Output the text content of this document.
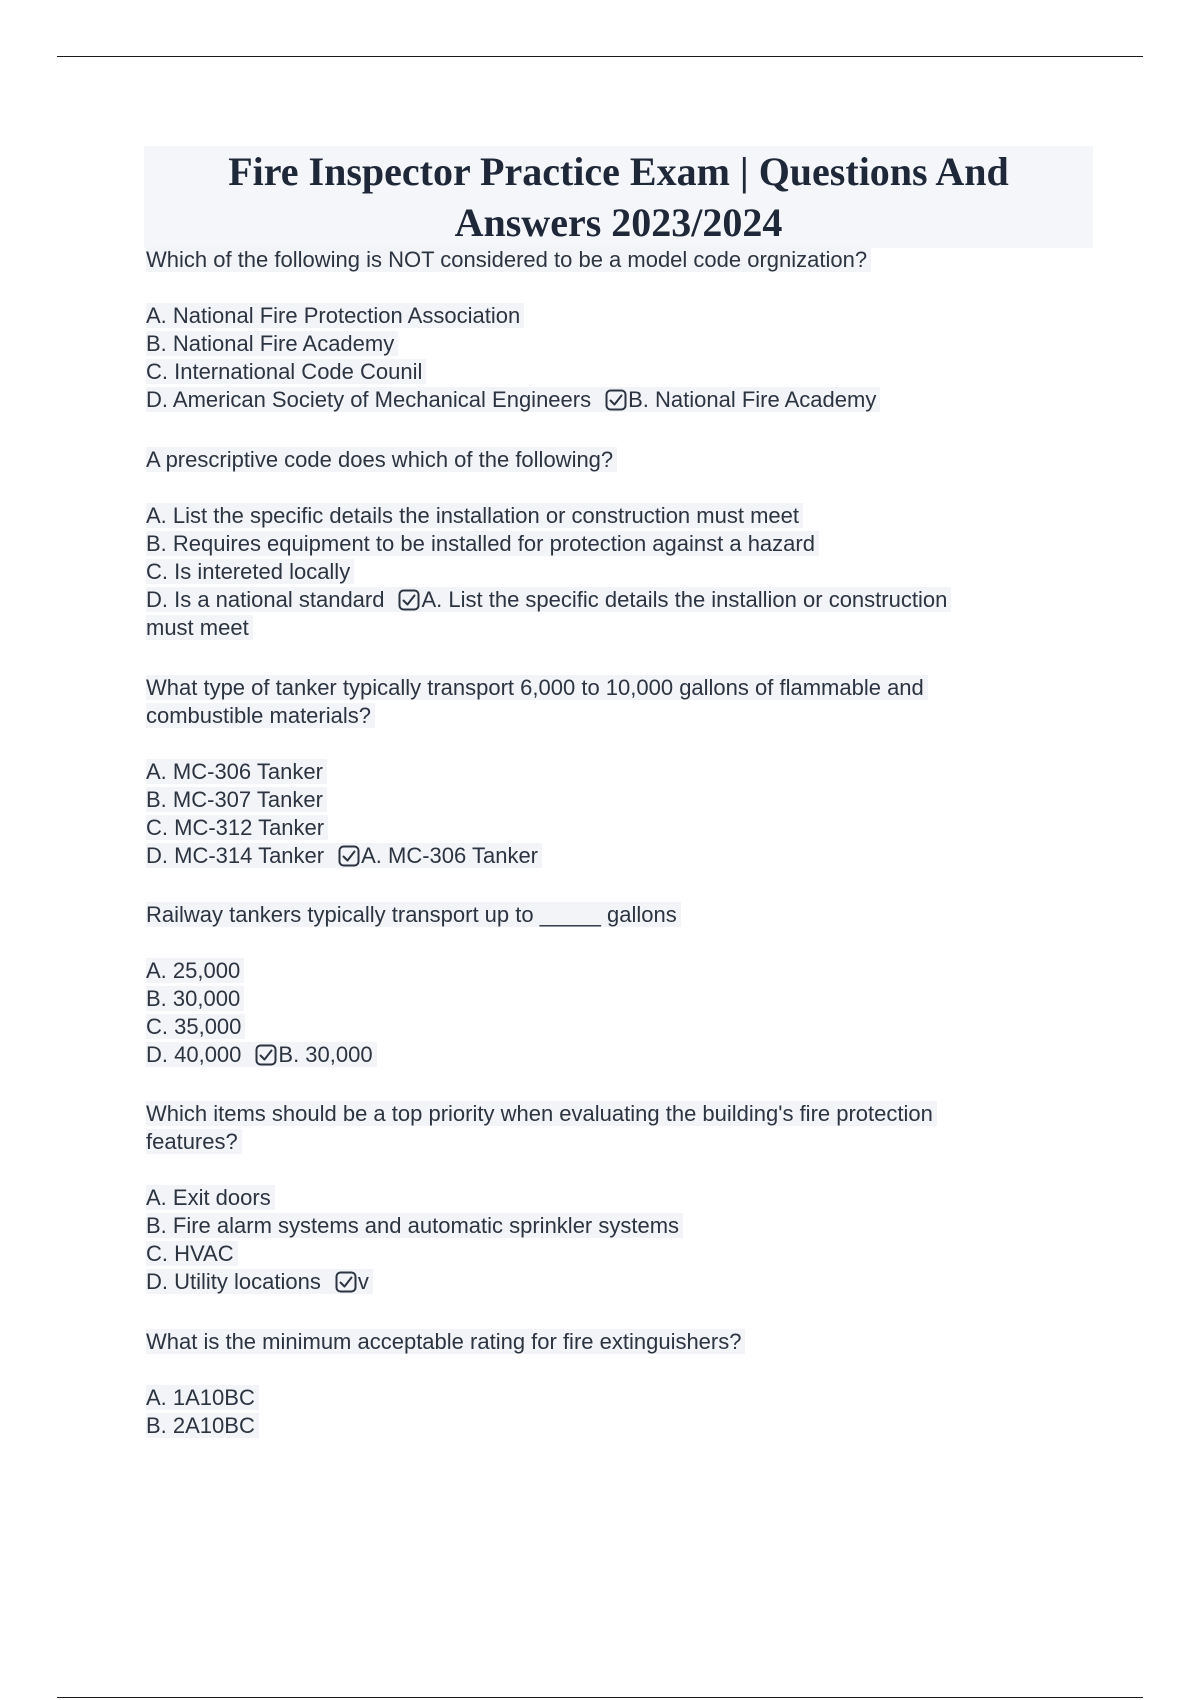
Fire Inspector Practice Exam | Questions And
Answers 2023/2024
Which of the following is NOT considered to be a model code orgnization?
A. National Fire Protection Association
B. National Fire Academy
C. International Code Counil
D. American Society of Mechanical Engineers B. National Fire Academy
A prescriptive code does which of the following?
A. List the specific details the installation or construction must meet
B. Requires equipment to be installed for protection against a hazard
C. Is intereted locally
D. Is a national standard A. List the specific details the installion or construction
must meet
What type of tanker typically transport 6,000 to 10,000 gallons of flammable and
combustible materials?
A. MC-306 Tanker
B. MC-307 Tanker
C. MC-312 Tanker
D. MC-314 Tanker A. MC-306 Tanker
Railway tankers typically transport up to _____ gallons
A. 25,000
B. 30,000
C. 35,000
D. 40,000 B. 30,000
Which items should be a top priority when evaluating the building's fire protection
features?
A. Exit doors
B. Fire alarm systems and automatic sprinkler systems
C. HVAC
D. Utility locations v
What is the minimum acceptable rating for fire extinguishers?
A. 1A10BC
B. 2A10BC
